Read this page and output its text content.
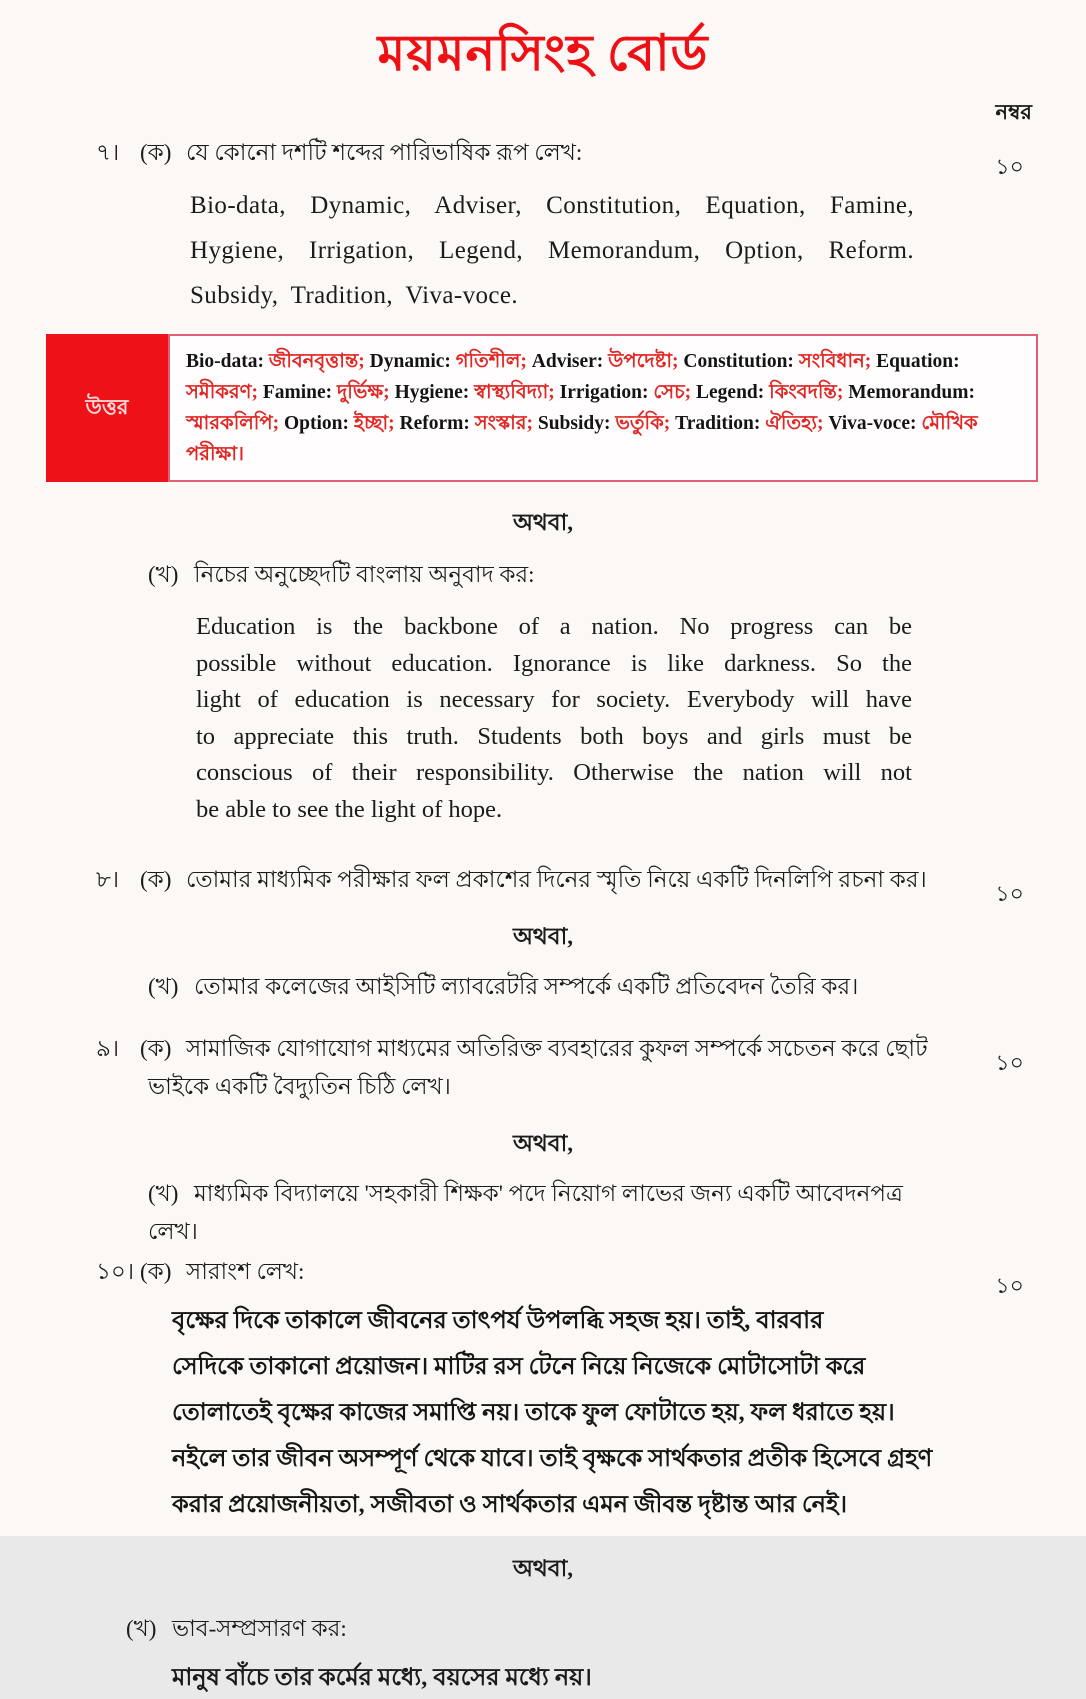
ময়মনসিংহ বোর্ড
নম্বর
৭। (ক) যে কোনো দশটি শব্দের পারিভাষিক রূপ লেখ:
১০
Bio-data, Dynamic, Adviser, Constitution, Equation, Famine,
Hygiene, Irrigation, Legend, Memorandum, Option, Reform.
Subsidy, Tradition, Viva-voce.
উত্তর
Bio-data: জীবনবৃত্তান্ত; Dynamic: গতিশীল; Adviser: উপদেষ্টা; Constitution: সংবিধান; Equation: সমীকরণ; Famine: দুর্ভিক্ষ; Hygiene: স্বাস্থ্যবিদ্যা; Irrigation: সেচ; Legend: কিংবদন্তি; Memorandum: স্মারকলিপি; Option: ইচ্ছা; Reform: সংস্কার; Subsidy: ভর্তুকি; Tradition: ঐতিহ্য; Viva-voce: মৌখিক পরীক্ষা।
অথবা,
(খ) নিচের অনুচ্ছেদটি বাংলায় অনুবাদ কর:
Education is the backbone of a nation. No progress can be
possible without education. Ignorance is like darkness. So the
light of education is necessary for society. Everybody will have
to appreciate this truth. Students both boys and girls must be
conscious of their responsibility. Otherwise the nation will not
be able to see the light of hope.
৮। (ক) তোমার মাধ্যমিক পরীক্ষার ফল প্রকাশের দিনের স্মৃতি নিয়ে একটি দিনলিপি রচনা কর।
১০
অথবা,
(খ) তোমার কলেজের আইসিটি ল্যাবরেটরি সম্পর্কে একটি প্রতিবেদন তৈরি কর।
৯। (ক) সামাজিক যোগাযোগ মাধ্যমের অতিরিক্ত ব্যবহারের কুফল সম্পর্কে সচেতন করে ছোট
১০
ভাইকে একটি বৈদ্যুতিন চিঠি লেখ।
অথবা,
(খ) মাধ্যমিক বিদ্যালয়ে 'সহকারী শিক্ষক' পদে নিয়োগ লাভের জন্য একটি আবেদনপত্র
লেখ।
১০। (ক) সারাংশ লেখ:
১০
বৃক্ষের দিকে তাকালে জীবনের তাৎপর্য উপলব্ধি সহজ হয়। তাই, বারবার
সেদিকে তাকানো প্রয়োজন। মাটির রস টেনে নিয়ে নিজেকে মোটাসোটা করে
তোলাতেই বৃক্ষের কাজের সমাপ্তি নয়। তাকে ফুল ফোটাতে হয়, ফল ধরাতে হয়।
নইলে তার জীবন অসম্পূর্ণ থেকে যাবে। তাই বৃক্ষকে সার্থকতার প্রতীক হিসেবে গ্রহণ
করার প্রয়োজনীয়তা, সজীবতা ও সার্থকতার এমন জীবন্ত দৃষ্টান্ত আর নেই।
অথবা,
(খ) ভাব-সম্প্রসারণ কর:
মানুষ বাঁচে তার কর্মের মধ্যে, বয়সের মধ্যে নয়।
